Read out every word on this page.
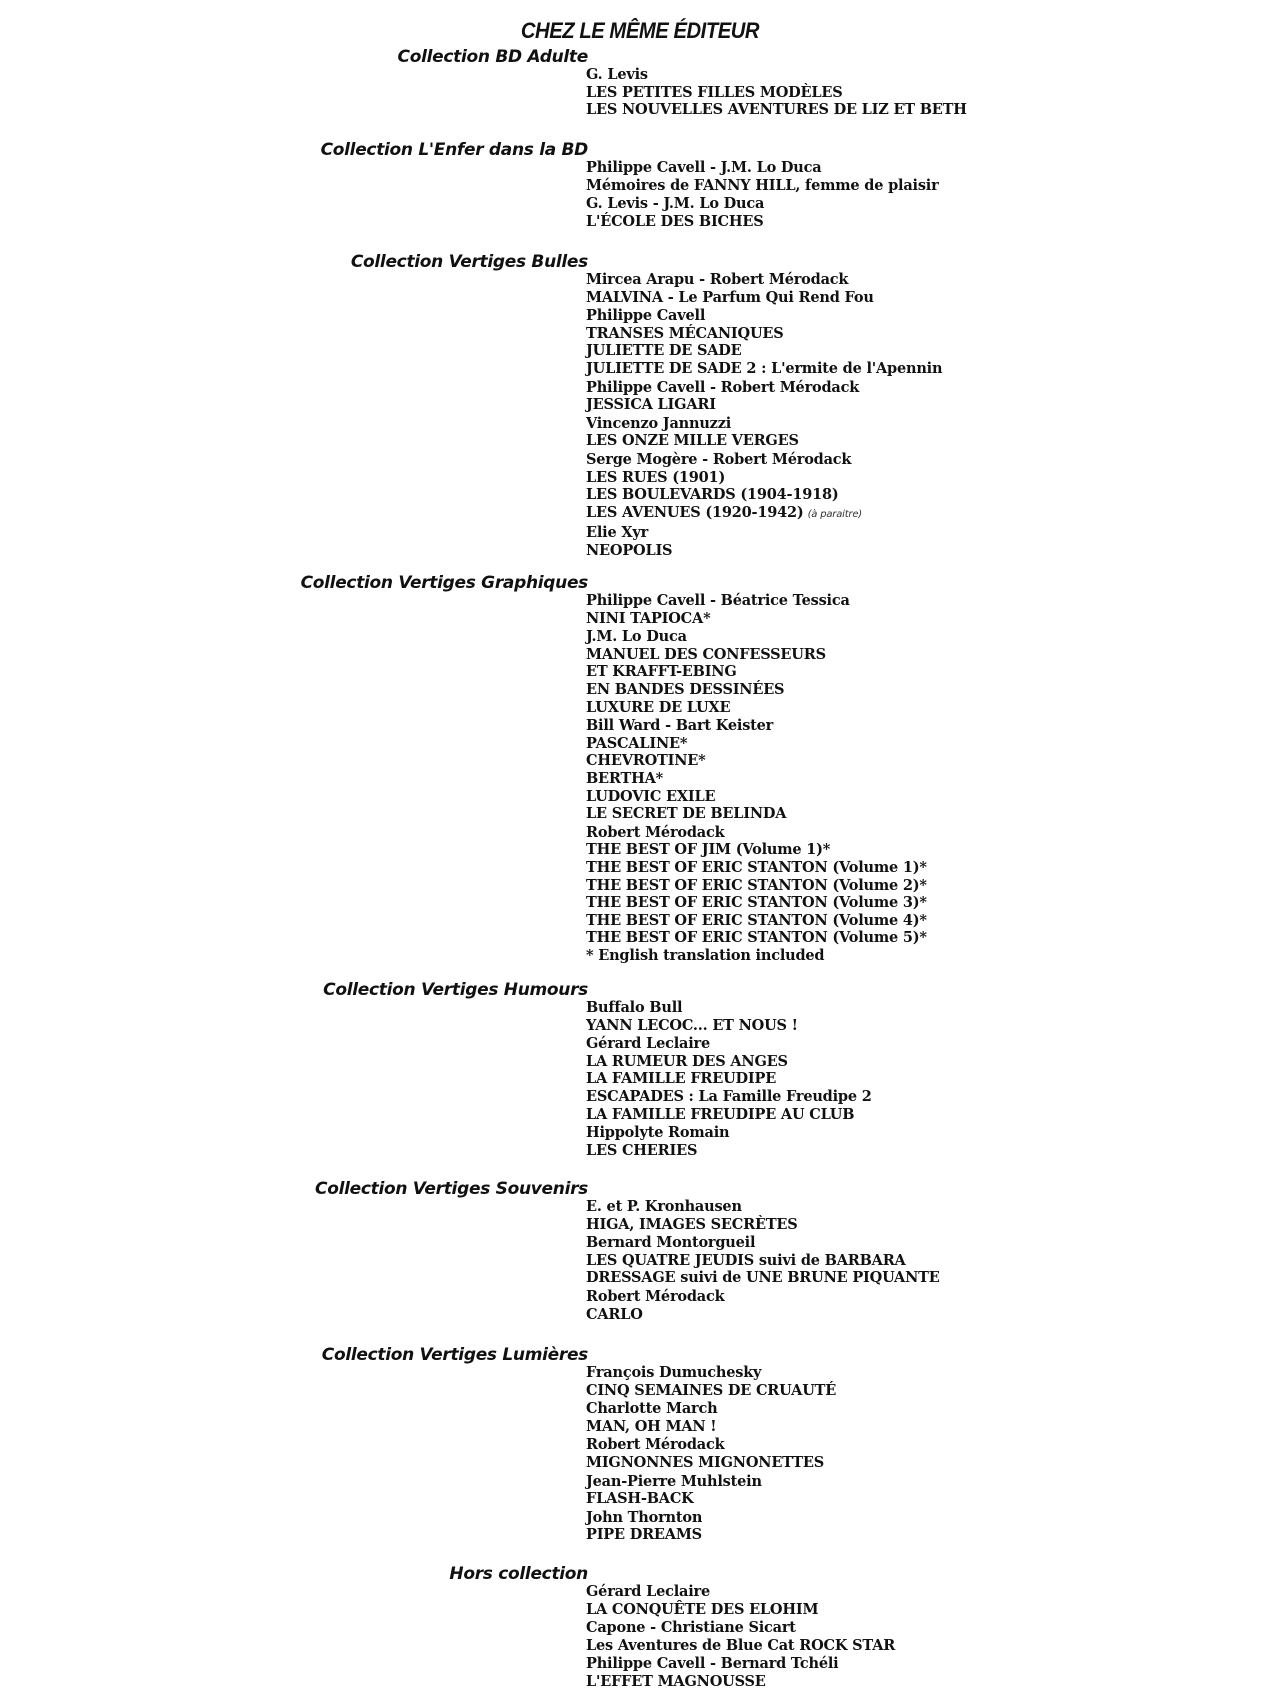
CHEZ LE MÊME ÉDITEUR
Collection BD Adulte
G. Levis
LES PETITES FILLES MODÈLES
LES NOUVELLES AVENTURES DE LIZ ET BETH
Collection L'Enfer dans la BD
Philippe Cavell - J.M. Lo Duca
Mémoires de FANNY HILL, femme de plaisir
G. Levis - J.M. Lo Duca
L'ÉCOLE DES BICHES
Collection Vertiges Bulles
Mircea Arapu - Robert Mérodack
MALVINA - Le Parfum Qui Rend Fou
Philippe Cavell
TRANSES MÉCANIQUES
JULIETTE DE SADE
JULIETTE DE SADE 2 : L'ermite de l'Apennin
Philippe Cavell - Robert Mérodack
JESSICA LIGARI
Vincenzo Jannuzzi
LES ONZE MILLE VERGES
Serge Mogère - Robert Mérodack
LES RUES (1901)
LES BOULEVARDS (1904-1918)
LES AVENUES (1920-1942) (à paraitre)
Elie Xyr
NEOPOLIS
Collection Vertiges Graphiques
Philippe Cavell - Béatrice Tessica
NINI TAPIOCA*
J.M. Lo Duca
MANUEL DES CONFESSEURS
ET KRAFFT-EBING
EN BANDES DESSINÉES
LUXURE DE LUXE
Bill Ward - Bart Keister
PASCALINE*
CHEVROTINE*
BERTHA*
LUDOVIC EXILE
LE SECRET DE BELINDA
Robert Mérodack
THE BEST OF JIM (Volume 1)*
THE BEST OF ERIC STANTON (Volume 1)*
THE BEST OF ERIC STANTON (Volume 2)*
THE BEST OF ERIC STANTON (Volume 3)*
THE BEST OF ERIC STANTON (Volume 4)*
THE BEST OF ERIC STANTON (Volume 5)*
* English translation included
Collection Vertiges Humours
Buffalo Bull
YANN LECOC... ET NOUS !
Gérard Leclaire
LA RUMEUR DES ANGES
LA FAMILLE FREUDIPE
ESCAPADES : La Famille Freudipe 2
LA FAMILLE FREUDIPE AU CLUB
Hippolyte Romain
LES CHERIES
Collection Vertiges Souvenirs
E. et P. Kronhausen
HIGA, IMAGES SECRÈTES
Bernard Montorgueil
LES QUATRE JEUDIS suivi de BARBARA
DRESSAGE suivi de UNE BRUNE PIQUANTE
Robert Mérodack
CARLO
Collection Vertiges Lumières
François Dumuchesky
CINQ SEMAINES DE CRUAUTÉ
Charlotte March
MAN, OH MAN !
Robert Mérodack
MIGNONNES MIGNONETTES
Jean-Pierre Muhlstein
FLASH-BACK
John Thornton
PIPE DREAMS
Hors collection
Gérard Leclaire
LA CONQUÊTE DES ELOHIM
Capone - Christiane Sicart
Les Aventures de Blue Cat ROCK STAR
Philippe Cavell - Bernard Tchéli
L'EFFET MAGNOUSSE
